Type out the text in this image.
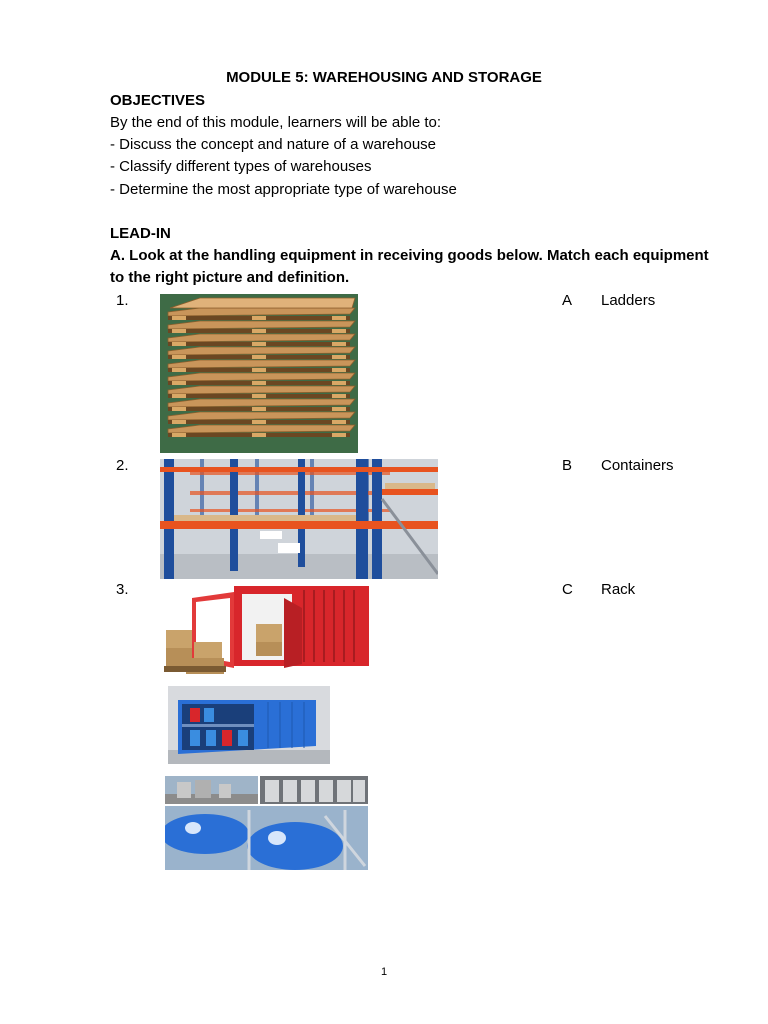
MODULE 5: WAREHOUSING AND STORAGE
OBJECTIVES
By the end of this module, learners will be able to:
- Discuss the concept and nature of a warehouse
- Classify different types of warehouses
- Determine the most appropriate type of warehouse
LEAD-IN
A. Look at the handling equipment in receiving goods below. Match each equipment
to the right picture and definition.
1.	A Ladders
2.	B Containers
3.	C Rack
1
